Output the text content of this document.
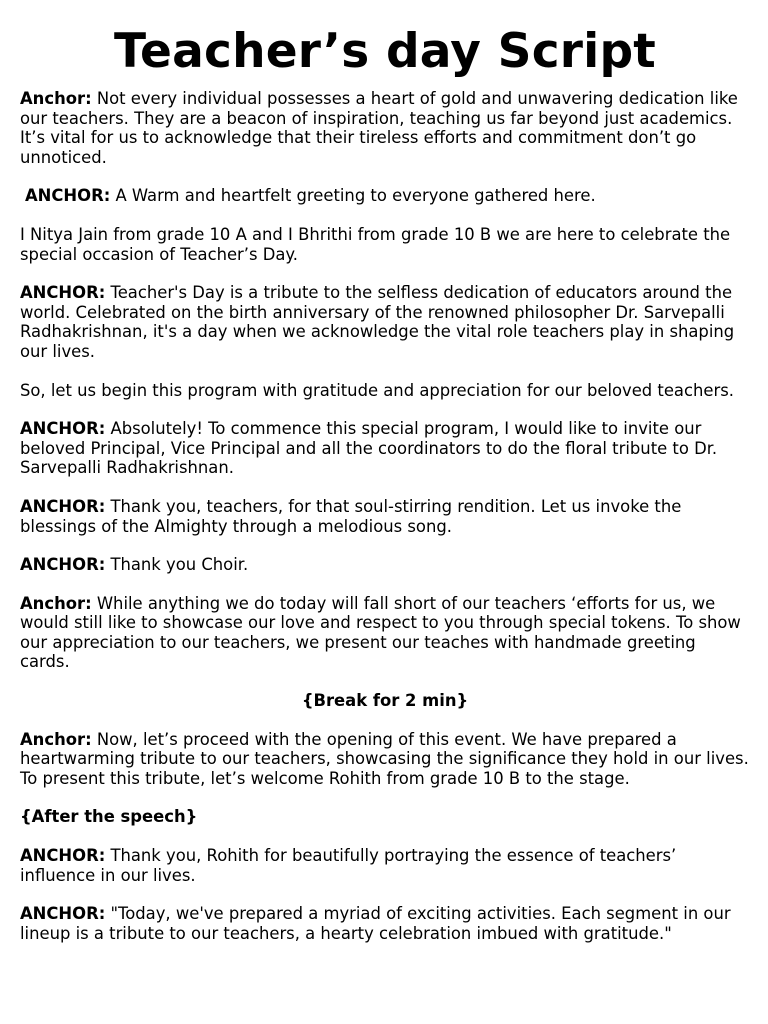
Teacher’s day Script

Anchor: Not every individual possesses a heart of gold and unwavering dedication like our teachers. They are a beacon of inspiration, teaching us far beyond just academics. It’s vital for us to acknowledge that their tireless efforts and commitment don’t go unnoticed.

ANCHOR: A Warm and heartfelt greeting to everyone gathered here.

I Nitya Jain from grade 10 A and I Bhrithi from grade 10 B we are here to celebrate the special occasion of Teacher’s Day.

ANCHOR: Teacher's Day is a tribute to the selfless dedication of educators around the world. Celebrated on the birth anniversary of the renowned philosopher Dr. Sarvepalli Radhakrishnan, it's a day when we acknowledge the vital role teachers play in shaping our lives.

So, let us begin this program with gratitude and appreciation for our beloved teachers.

ANCHOR: Absolutely! To commence this special program, I would like to invite our beloved Principal, Vice Principal and all the coordinators to do the floral tribute to Dr. Sarvepalli Radhakrishnan.

ANCHOR: Thank you, teachers, for that soul-stirring rendition. Let us invoke the blessings of the Almighty through a melodious song.

ANCHOR: Thank you Choir.

Anchor: While anything we do today will fall short of our teachers ‘efforts for us, we would still like to showcase our love and respect to you through special tokens. To show our appreciation to our teachers, we present our teaches with handmade greeting cards.

{Break for 2 min}

Anchor: Now, let’s proceed with the opening of this event. We have prepared a heartwarming tribute to our teachers, showcasing the significance they hold in our lives. To present this tribute, let’s welcome Rohith from grade 10 B to the stage.

{After the speech}

ANCHOR: Thank you, Rohith for beautifully portraying the essence of teachers’ influence in our lives.

ANCHOR: "Today, we've prepared a myriad of exciting activities. Each segment in our lineup is a tribute to our teachers, a hearty celebration imbued with gratitude."
